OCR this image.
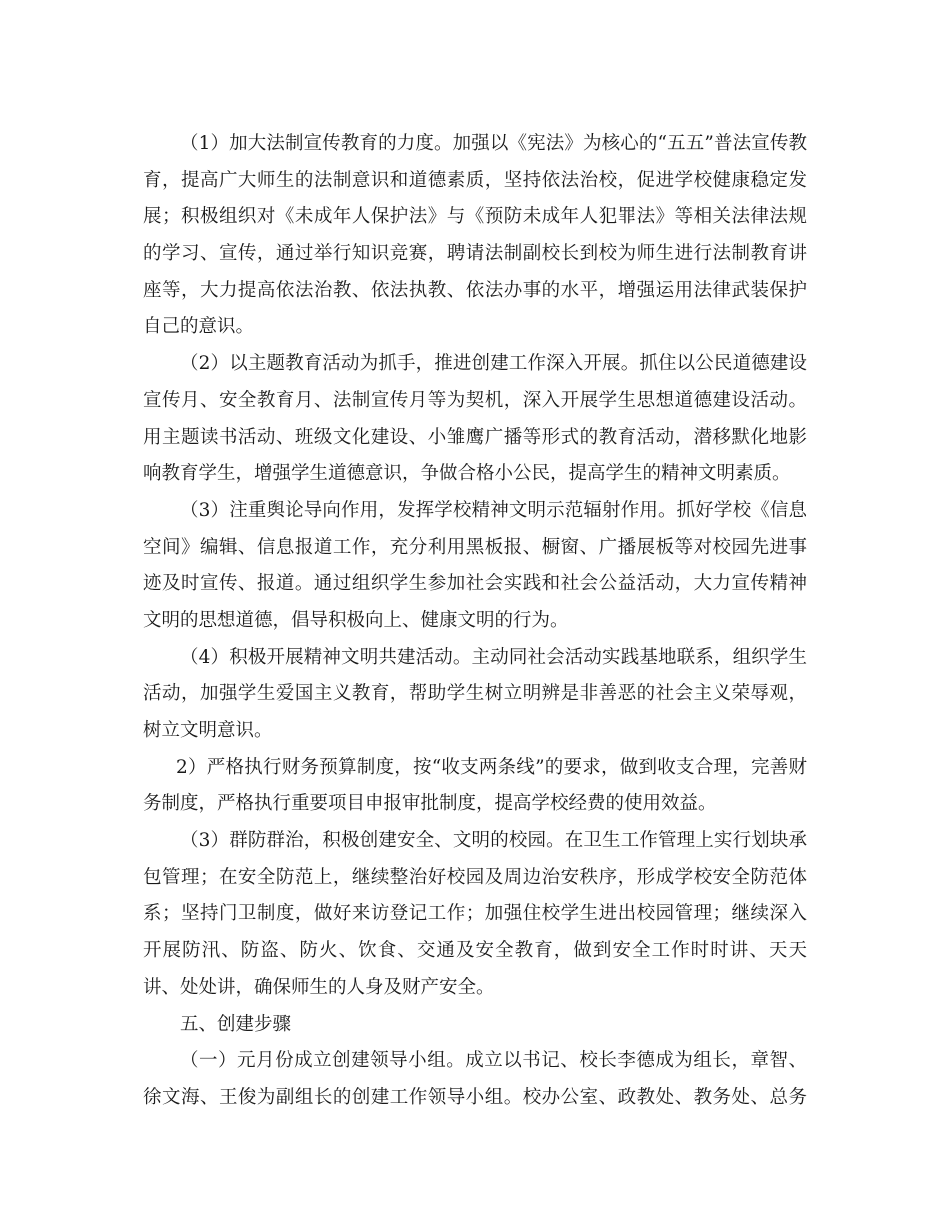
（1）加大法制宣传教育的力度。加强以《宪法》为核心的“五五”普法宣传教
育，提高广大师生的法制意识和道德素质，坚持依法治校，促进学校健康稳定发
展；积极组织对《未成年人保护法》与《预防未成年人犯罪法》等相关法律法规
的学习、宣传，通过举行知识竞赛，聘请法制副校长到校为师生进行法制教育讲
座等，大力提高依法治教、依法执教、依法办事的水平，增强运用法律武装保护
自己的意识。
（2）以主题教育活动为抓手，推进创建工作深入开展。抓住以公民道德建设
宣传月、安全教育月、法制宣传月等为契机，深入开展学生思想道德建设活动。
用主题读书活动、班级文化建设、小雏鹰广播等形式的教育活动，潜移默化地影
响教育学生，增强学生道德意识，争做合格小公民，提高学生的精神文明素质。
（3）注重舆论导向作用，发挥学校精神文明示范辐射作用。抓好学校《信息
空间》编辑、信息报道工作，充分利用黑板报、橱窗、广播展板等对校园先进事
迹及时宣传、报道。通过组织学生参加社会实践和社会公益活动，大力宣传精神
文明的思想道德，倡导积极向上、健康文明的行为。
（4）积极开展精神文明共建活动。主动同社会活动实践基地联系，组织学生
活动，加强学生爱国主义教育，帮助学生树立明辨是非善恶的社会主义荣辱观，
树立文明意识。
2）严格执行财务预算制度，按“收支两条线”的要求，做到收支合理，完善财
务制度，严格执行重要项目申报审批制度，提高学校经费的使用效益。
（3）群防群治，积极创建安全、文明的校园。在卫生工作管理上实行划块承
包管理；在安全防范上，继续整治好校园及周边治安秩序，形成学校安全防范体
系；坚持门卫制度，做好来访登记工作；加强住校学生进出校园管理；继续深入
开展防汛、防盗、防火、饮食、交通及安全教育，做到安全工作时时讲、天天
讲、处处讲，确保师生的人身及财产安全。
五、创建步骤
（一）元月份成立创建领导小组。成立以书记、校长李德成为组长，章智、
徐文海、王俊为副组长的创建工作领导小组。校办公室、政教处、教务处、总务
